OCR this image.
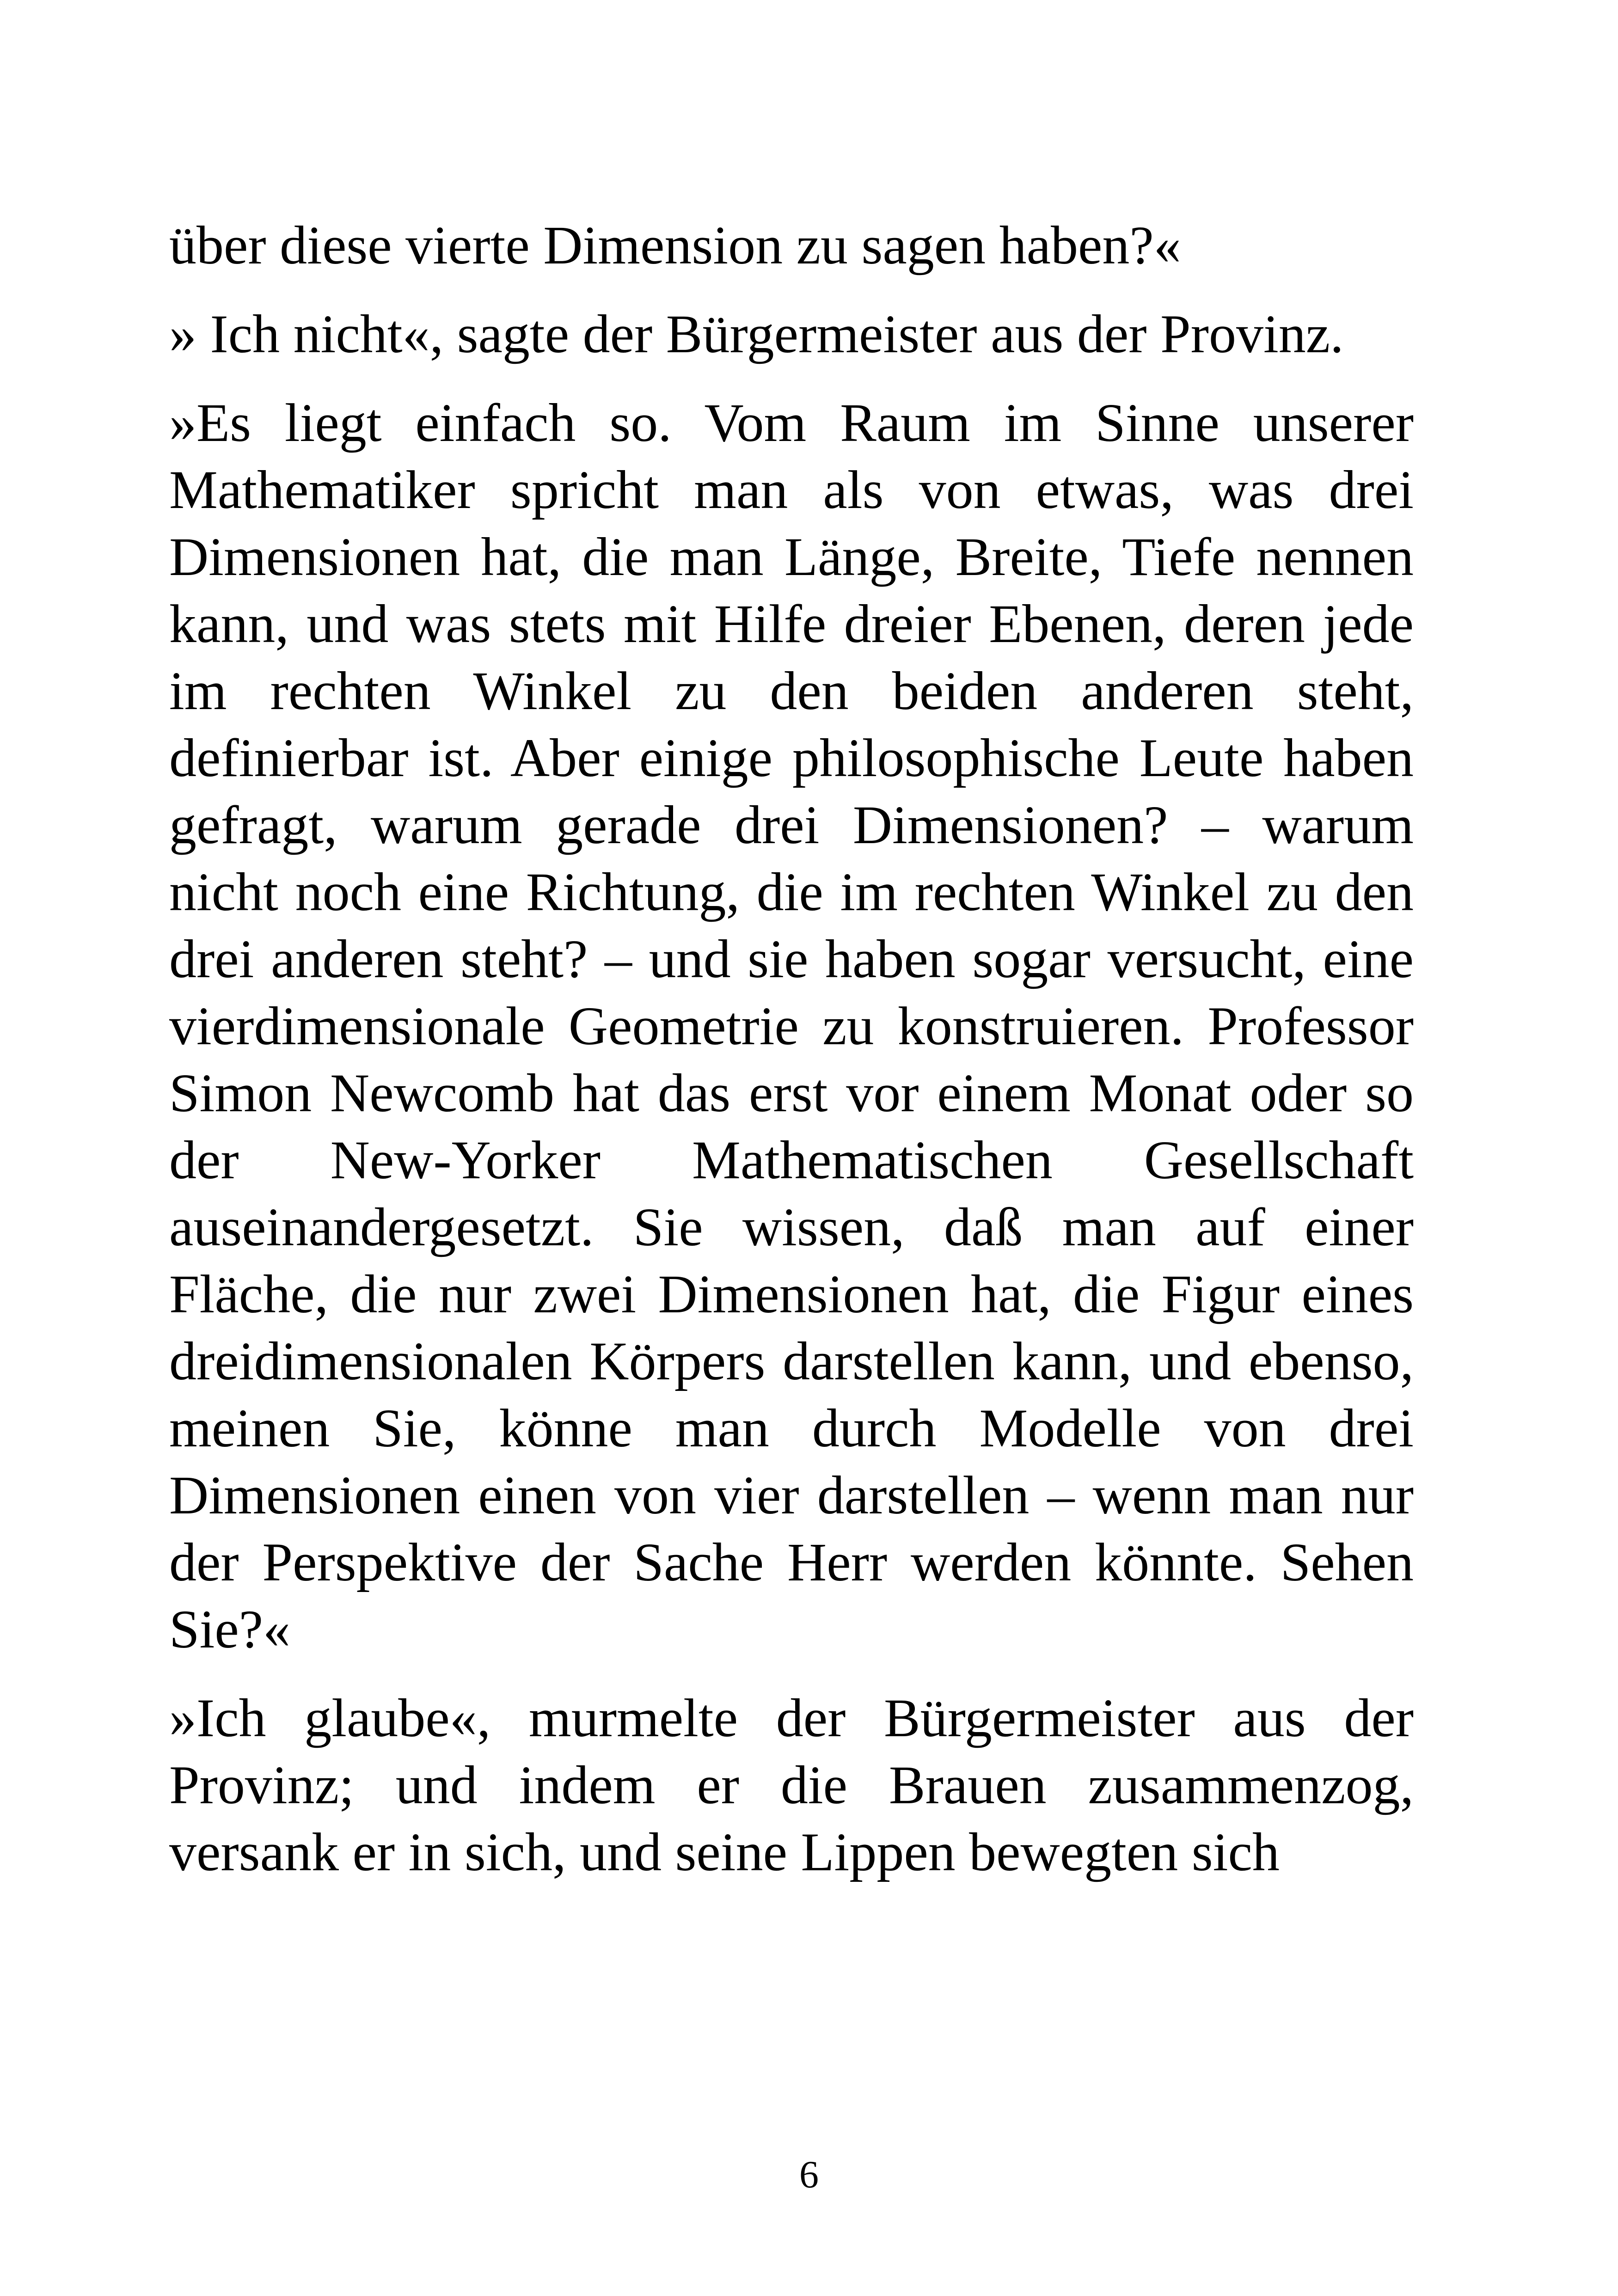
über diese vierte Dimension zu sagen haben?«

» Ich nicht«, sagte der Bürgermeister aus der Provinz.

»Es liegt einfach so. Vom Raum im Sinne unserer Mathematiker spricht man als von etwas, was drei Dimensionen hat, die man Länge, Breite, Tiefe nennen kann, und was stets mit Hilfe dreier Ebenen, deren jede im rechten Winkel zu den beiden anderen steht, definierbar ist. Aber einige philosophische Leute haben gefragt, warum gerade drei Dimensionen? – warum nicht noch eine Richtung, die im rechten Winkel zu den drei anderen steht? – und sie haben sogar versucht, eine vierdimensionale Geometrie zu konstruieren. Professor Simon Newcomb hat das erst vor einem Monat oder so der New-Yorker Mathematischen Gesellschaft auseinandergesetzt. Sie wissen, daß man auf einer Fläche, die nur zwei Dimensionen hat, die Figur eines dreidimensionalen Körpers darstellen kann, und ebenso, meinen Sie, könne man durch Modelle von drei Dimensionen einen von vier darstellen – wenn man nur der Perspektive der Sache Herr werden könnte. Sehen Sie?«

»Ich glaube«, murmelte der Bürgermeister aus der Provinz; und indem er die Brauen zusammenzog, versank er in sich, und seine Lippen bewegten sich

6
